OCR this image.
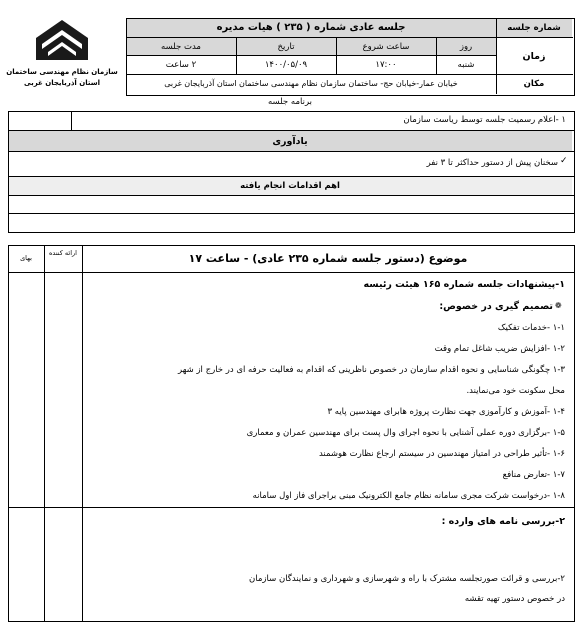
سازمان نظام مهندسی ساختمان
استان آذربایجان غربی
شماره جلسه
جلسه عادی شماره ( ۲۳۵ ) هیات مدیره
زمان
روز
ساعت شروع
تاریخ
مدت جلسه
شنبه
۱۷:۰۰
۱۴۰۰/۰۵/۰۹
۲ ساعت
مکان
خیابان عمار-خیابان حج- ساختمان سازمان نظام مهندسی ساختمان استان آذربایجان غربی
برنامه جلسه
۱ -اعلام رسمیت جلسه توسط ریاست سازمان
یادآوری
سخنان پیش از دستور حداکثر تا ۳ نفر ✓
اهم اقدامات انجام یافته
بهای
ارائه کننده	موضوع (دستور جلسه شماره ۲۳۵ عادی) - ساعت ۱۷
۱-پیشنهادات جلسه شماره ۱۶۵ هیئت رئیسه
❁
تصمیم گیری در خصوص:
۱-۱ -خدمات تفکیک
۱-۲ -افزایش ضریب شاغل تمام وقت
۱-۳ چگونگی شناسایی و نحوه اقدام سازمان در خصوص ناظرینی که اقدام به فعالیت حرفه ای در خارج از شهر
محل سکونت خود می‌نمایند.
۱-۴ -آموزش و کارآموزی جهت نظارت پروژه هابرای مهندسین پایه ۳
۱-۵ -برگزاری دوره عملی آشنایی با نحوه اجرای وال پست برای مهندسین عمران و معماری
۱-۶ -تأثیر طراحی در امتیاز مهندسین در سیستم ارجاع نظارت هوشمند
۱-۷ -تعارض منافع
۱-۸ -درخواست شرکت مجری سامانه نظام جامع الکترونیک مبنی براجرای فاز اول سامانه
۲-بررسی نامه های وارده :
۲-بررسی و قرائت صورتجلسه مشترک با راه و شهرسازی و شهرداری و نمایندگان سازمان
در خصوص دستور تهیه تقشه
